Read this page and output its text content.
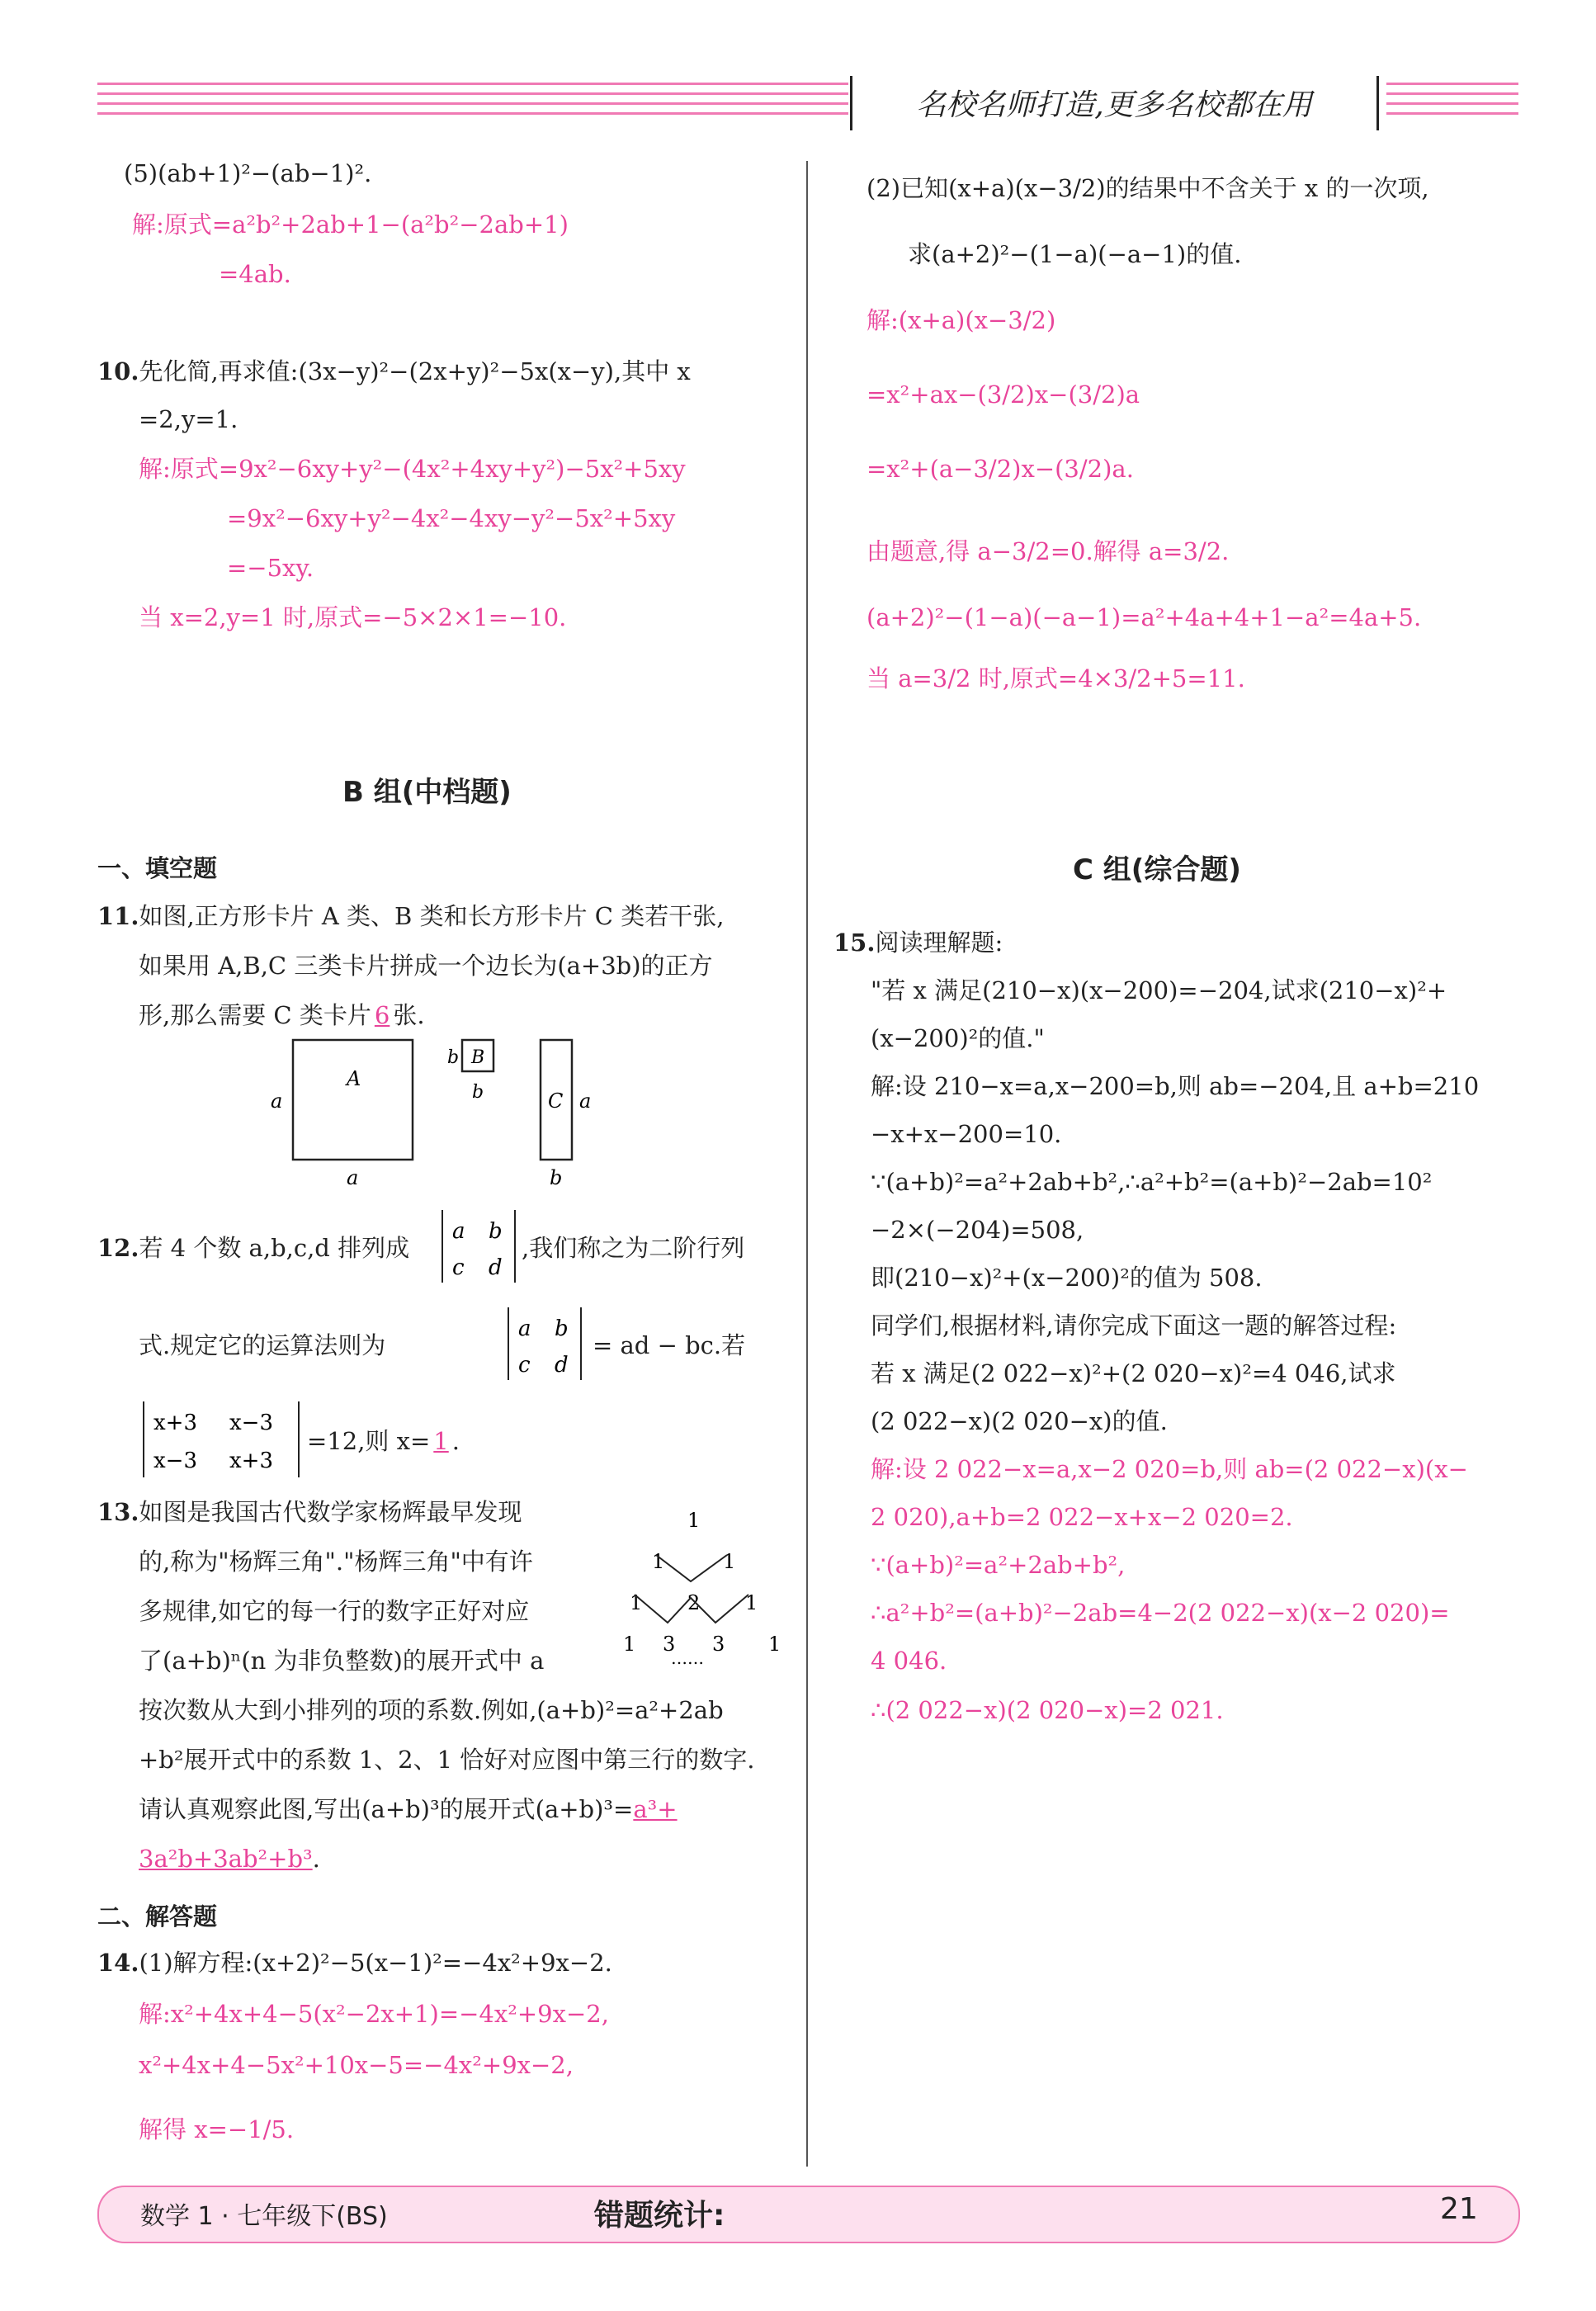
名校名师打造,更多名校都在用
(5)(ab+1)²−(ab−1)².
解:原式=a²b²+2ab+1−(a²b²−2ab+1)
=4ab.
10.先化简,再求值:(3x−y)²−(2x+y)²−5x(x−y),其中 x
=2,y=1.
解:原式=9x²−6xy+y²−(4x²+4xy+y²)−5x²+5xy
=9x²−6xy+y²−4x²−4xy−y²−5x²+5xy
=−5xy.
当 x=2,y=1 时,原式=−5×2×1=−10.
B 组(中档题)
一、填空题
11.如图,正方形卡片 A 类、B 类和长方形卡片 C 类若干张,
如果用 A,B,C 三类卡片拼成一个边长为(a+3b)的正方
形,那么需要 C 类卡片 6 张.
A
a
a
B
b
b	C a
b
12.若 4 个数 a,b,c,d 排列成
a b
c d
,我们称之为二阶行列
式.规定它的运算法则为
a b
c d
= ad − bc.若
x+3 x−3
x−3 x+3
=12,则 x= 1 .
13.如图是我国古代数学家杨辉最早发现
的,称为"杨辉三角"."杨辉三角"中有许
多规律,如它的每一行的数字正好对应
了(a+b)ⁿ(n 为非负整数)的展开式中 a
1
1	1
1 2 1
1 3 3 1
……
按次数从大到小排列的项的系数.例如,(a+b)²=a²+2ab
+b²展开式中的系数 1、2、1 恰好对应图中第三行的数字.
请认真观察此图,写出(a+b)³的展开式(a+b)³=a³+
3a²b+3ab²+b³.
二、解答题
14.(1)解方程:(x+2)²−5(x−1)²=−4x²+9x−2.
解:x²+4x+4−5(x²−2x+1)=−4x²+9x−2,
x²+4x+4−5x²+10x−5=−4x²+9x−2,
解得 x=−1/5.
(2)已知(x+a)(x−3/2)的结果中不含关于 x 的一次项,
求(a+2)²−(1−a)(−a−1)的值.
解:(x+a)(x−3/2)
=x²+ax−(3/2)x−(3/2)a
=x²+(a−3/2)x−(3/2)a.
由题意,得 a−3/2=0.解得 a=3/2.
(a+2)²−(1−a)(−a−1)=a²+4a+4+1−a²=4a+5.
当 a=3/2 时,原式=4×3/2+5=11.
C 组(综合题)
15.阅读理解题:
"若 x 满足(210−x)(x−200)=−204,试求(210−x)²+
(x−200)²的值."
解:设 210−x=a,x−200=b,则 ab=−204,且 a+b=210
−x+x−200=10.
∵(a+b)²=a²+2ab+b²,∴a²+b²=(a+b)²−2ab=10²
−2×(−204)=508,
即(210−x)²+(x−200)²的值为 508.
同学们,根据材料,请你完成下面这一题的解答过程:
若 x 满足(2 022−x)²+(2 020−x)²=4 046,试求
(2 022−x)(2 020−x)的值.
解:设 2 022−x=a,x−2 020=b,则 ab=(2 022−x)(x−
2 020),a+b=2 022−x+x−2 020=2.
∵(a+b)²=a²+2ab+b²,
∴a²+b²=(a+b)²−2ab=4−2(2 022−x)(x−2 020)=
4 046.
∴(2 022−x)(2 020−x)=2 021.
数学 1 · 七年级下(BS)	错题统计:	21
